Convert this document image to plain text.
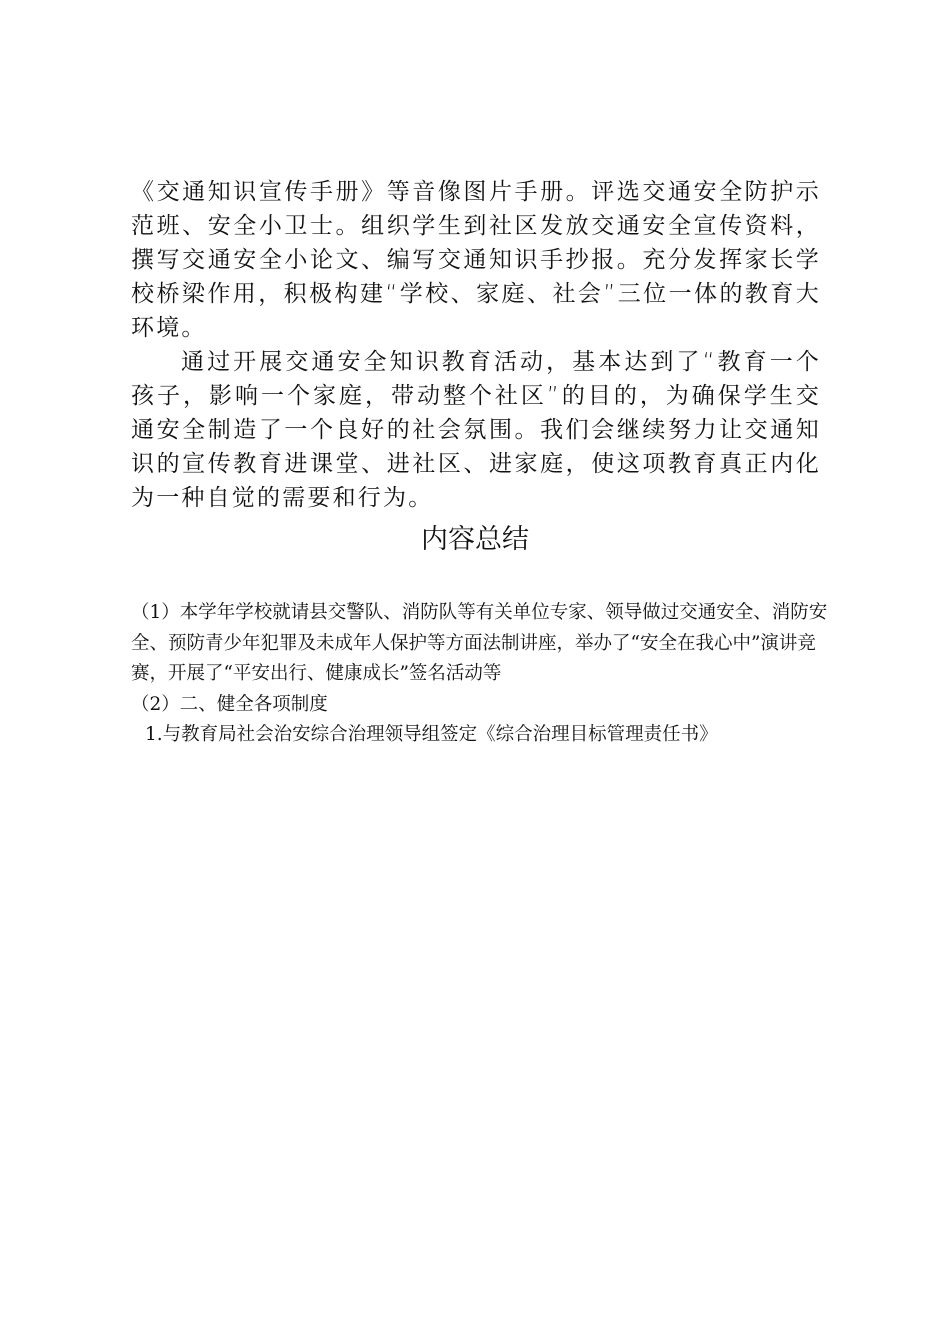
《交通知识宣传手册》等音像图片手册。评选交通安全防护示范班、安全小卫士。组织学生到社区发放交通安全宣传资料，撰写交通安全小论文、编写交通知识手抄报。充分发挥家长学校桥梁作用，积极构建“学校、家庭、社会”三位一体的教育大环境。

通过开展交通安全知识教育活动，基本达到了“教育一个孩子，影响一个家庭，带动整个社区”的目的，为确保学生交通安全制造了一个良好的社会氛围。我们会继续努力让交通知识的宣传教育进课堂、进社区、进家庭，使这项教育真正内化为一种自觉的需要和行为。

内容总结

（1）本学年学校就请县交警队、消防队等有关单位专家、领导做过交通安全、消防安全、预防青少年犯罪及未成年人保护等方面法制讲座，举办了“安全在我心中”演讲竞赛，开展了“平安出行、健康成长”签名活动等

（2）二、健全各项制度

1.与教育局社会治安综合治理领导组签定《综合治理目标管理责任书》
